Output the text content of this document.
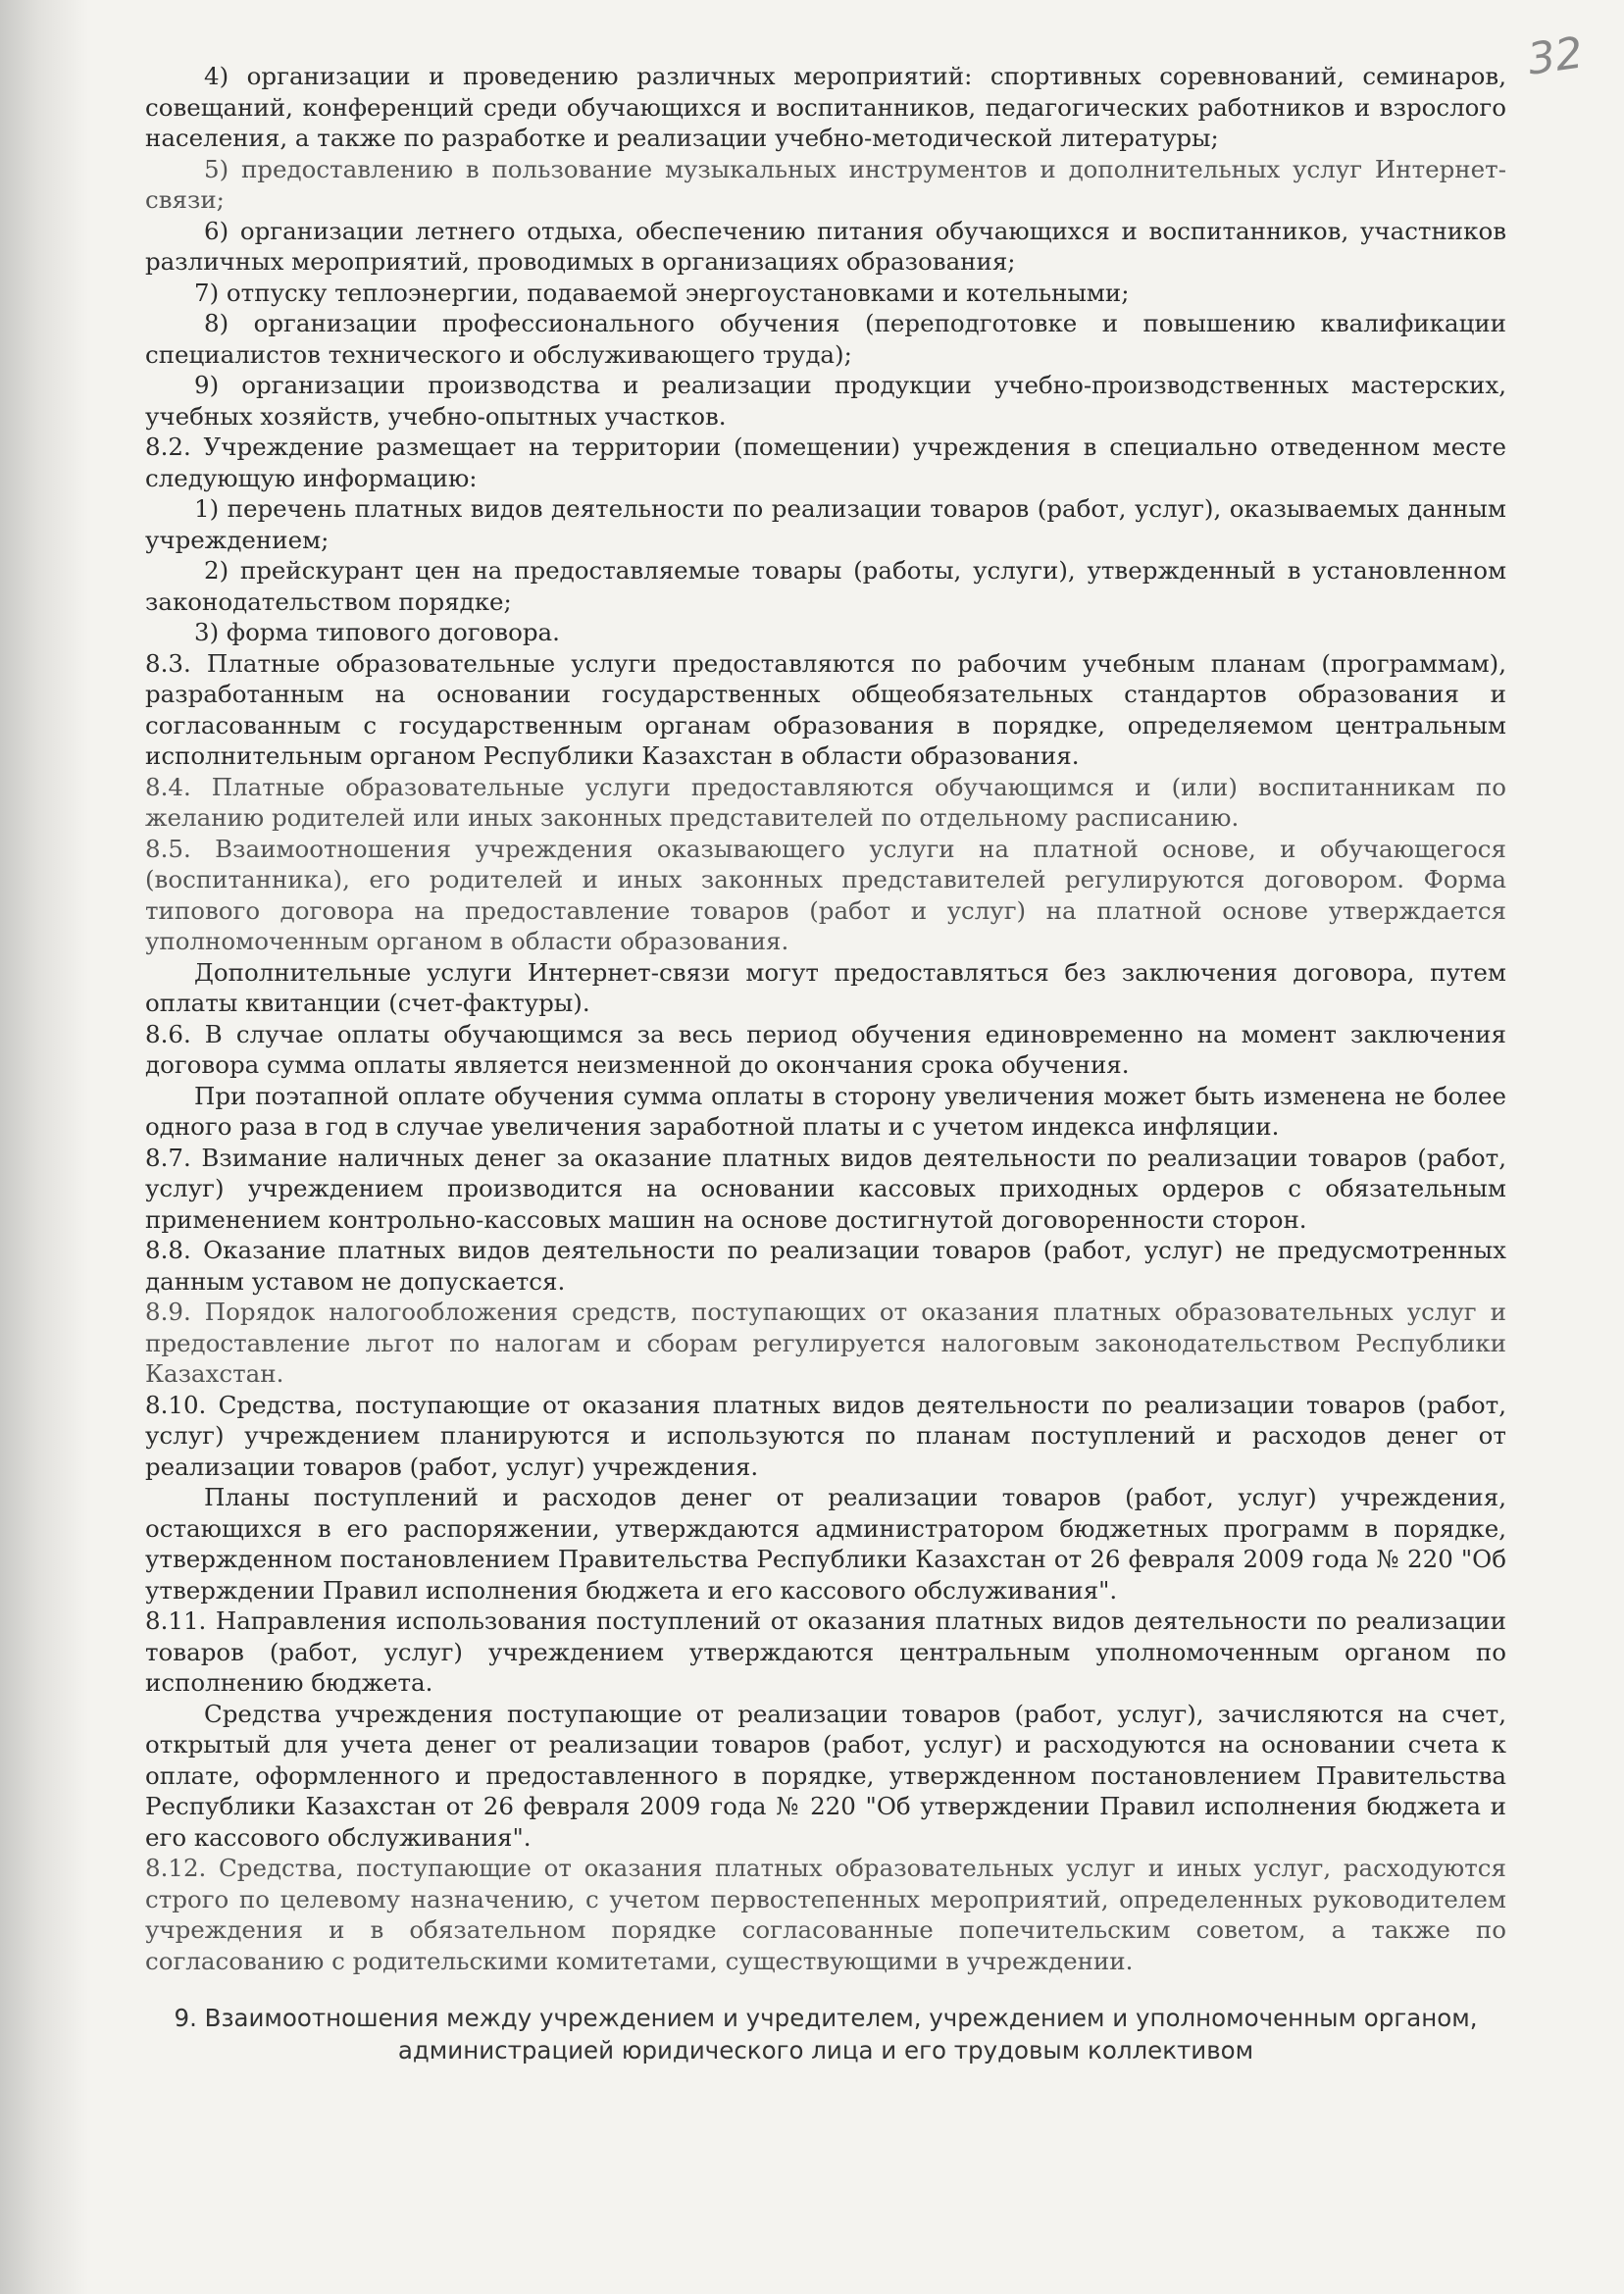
32

4) организации и проведению различных мероприятий: спортивных соревнований, семинаров, совещаний, конференций среди обучающихся и воспитанников, педагогических работников и взрослого населения, а также по разработке и реализации учебно-методической литературы;

5) предоставлению в пользование музыкальных инструментов и дополнительных услуг Интернет-связи;

6) организации летнего отдыха, обеспечению питания обучающихся и воспитанников, участников различных мероприятий, проводимых в организациях образования;

7) отпуску теплоэнергии, подаваемой энергоустановками и котельными;

8) организации профессионального обучения (переподготовке и повышению квалификации специалистов технического и обслуживающего труда);

9) организации производства и реализации продукции учебно-производственных мастерских, учебных хозяйств, учебно-опытных участков.

8.2. Учреждение размещает на территории (помещении) учреждения в специально отведенном месте следующую информацию:

1) перечень платных видов деятельности по реализации товаров (работ, услуг), оказываемых данным учреждением;

2) прейскурант цен на предоставляемые товары (работы, услуги), утвержденный в установленном законодательством порядке;

3) форма типового договора.

8.3. Платные образовательные услуги предоставляются по рабочим учебным планам (программам), разработанным на основании государственных общеобязательных стандартов образования и согласованным с государственным органам образования в порядке, определяемом центральным исполнительным органом Республики Казахстан в области образования.

8.4. Платные образовательные услуги предоставляются обучающимся и (или) воспитанникам по желанию родителей или иных законных представителей по отдельному расписанию.

8.5. Взаимоотношения учреждения оказывающего услуги на платной основе, и обучающегося (воспитанника), его родителей и иных законных представителей регулируются договором. Форма типового договора на предоставление товаров (работ и услуг) на платной основе утверждается уполномоченным органом в области образования.

Дополнительные услуги Интернет-связи могут предоставляться без заключения договора, путем оплаты квитанции (счет-фактуры).

8.6. В случае оплаты обучающимся за весь период обучения единовременно на момент заключения договора сумма оплаты является неизменной до окончания срока обучения.

При поэтапной оплате обучения сумма оплаты в сторону увеличения может быть изменена не более одного раза в год в случае увеличения заработной платы и с учетом индекса инфляции.

8.7. Взимание наличных денег за оказание платных видов деятельности по реализации товаров (работ, услуг) учреждением производится на основании кассовых приходных ордеров с обязательным применением контрольно-кассовых машин на основе достигнутой договоренности сторон.

8.8. Оказание платных видов деятельности по реализации товаров (работ, услуг) не предусмотренных данным уставом не допускается.

8.9. Порядок налогообложения средств, поступающих от оказания платных образовательных услуг и предоставление льгот по налогам и сборам регулируется налоговым законодательством Республики Казахстан.

8.10. Средства, поступающие от оказания платных видов деятельности по реализации товаров (работ, услуг) учреждением планируются и используются по планам поступлений и расходов денег от реализации товаров (работ, услуг) учреждения.

Планы поступлений и расходов денег от реализации товаров (работ, услуг) учреждения, остающихся в его распоряжении, утверждаются администратором бюджетных программ в порядке, утвержденном постановлением Правительства Республики Казахстан от 26 февраля 2009 года № 220 "Об утверждении Правил исполнения бюджета и его кассового обслуживания".

8.11. Направления использования поступлений от оказания платных видов деятельности по реализации товаров (работ, услуг) учреждением утверждаются центральным уполномоченным органом по исполнению бюджета.

Средства учреждения поступающие от реализации товаров (работ, услуг), зачисляются на счет, открытый для учета денег от реализации товаров (работ, услуг) и расходуются на основании счета к оплате, оформленного и предоставленного в порядке, утвержденном постановлением Правительства Республики Казахстан от 26 февраля 2009 года № 220 "Об утверждении Правил исполнения бюджета и его кассового обслуживания".

8.12. Средства, поступающие от оказания платных образовательных услуг и иных услуг, расходуются строго по целевому назначению, с учетом первостепенных мероприятий, определенных руководителем учреждения и в обязательном порядке согласованные попечительским советом, а также по согласованию с родительскими комитетами, существующими в учреждении.

9. Взаимоотношения между учреждением и учредителем, учреждением и уполномоченным органом, администрацией юридического лица и его трудовым коллективом
